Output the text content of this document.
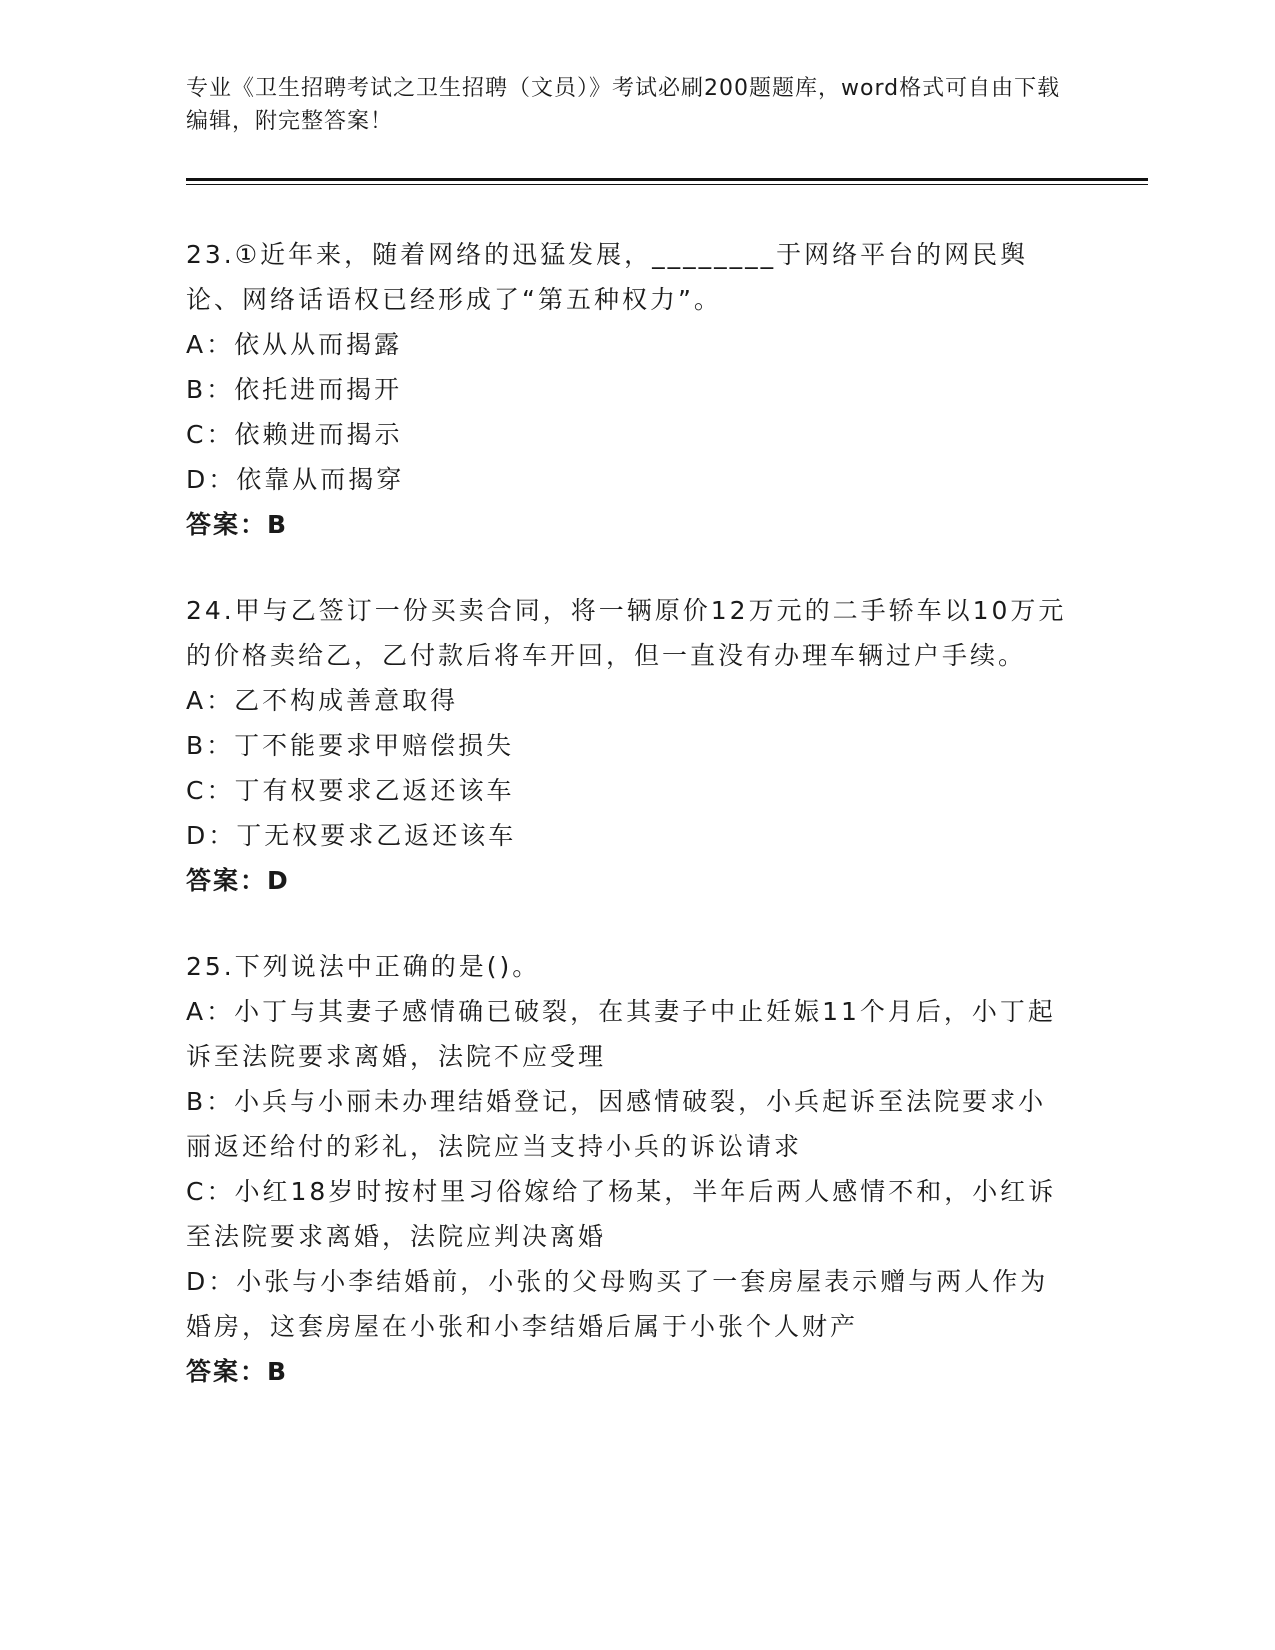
专业《卫生招聘考试之卫生招聘（文员）》考试必刷200题题库，word格式可自由下载编辑，附完整答案！
23.①近年来，随着网络的迅猛发展，________于网络平台的网民舆论、网络话语权已经形成了“第五种权力”。
A：依从从而揭露
B：依托进而揭开
C：依赖进而揭示
D：依靠从而揭穿
答案：B
24.甲与乙签订一份买卖合同，将一辆原价12万元的二手轿车以10万元的价格卖给乙，乙付款后将车开回，但一直没有办理车辆过户手续。
A：乙不构成善意取得
B：丁不能要求甲赔偿损失
C：丁有权要求乙返还该车
D：丁无权要求乙返还该车
答案：D
25.下列说法中正确的是()。
A：小丁与其妻子感情确已破裂，在其妻子中止妊娠11个月后，小丁起诉至法院要求离婚，法院不应受理
B：小兵与小丽未办理结婚登记，因感情破裂，小兵起诉至法院要求小丽返还给付的彩礼，法院应当支持小兵的诉讼请求
C：小红18岁时按村里习俗嫁给了杨某，半年后两人感情不和，小红诉至法院要求离婚，法院应判决离婚
D：小张与小李结婚前，小张的父母购买了一套房屋表示赠与两人作为婚房，这套房屋在小张和小李结婚后属于小张个人财产
答案：B
